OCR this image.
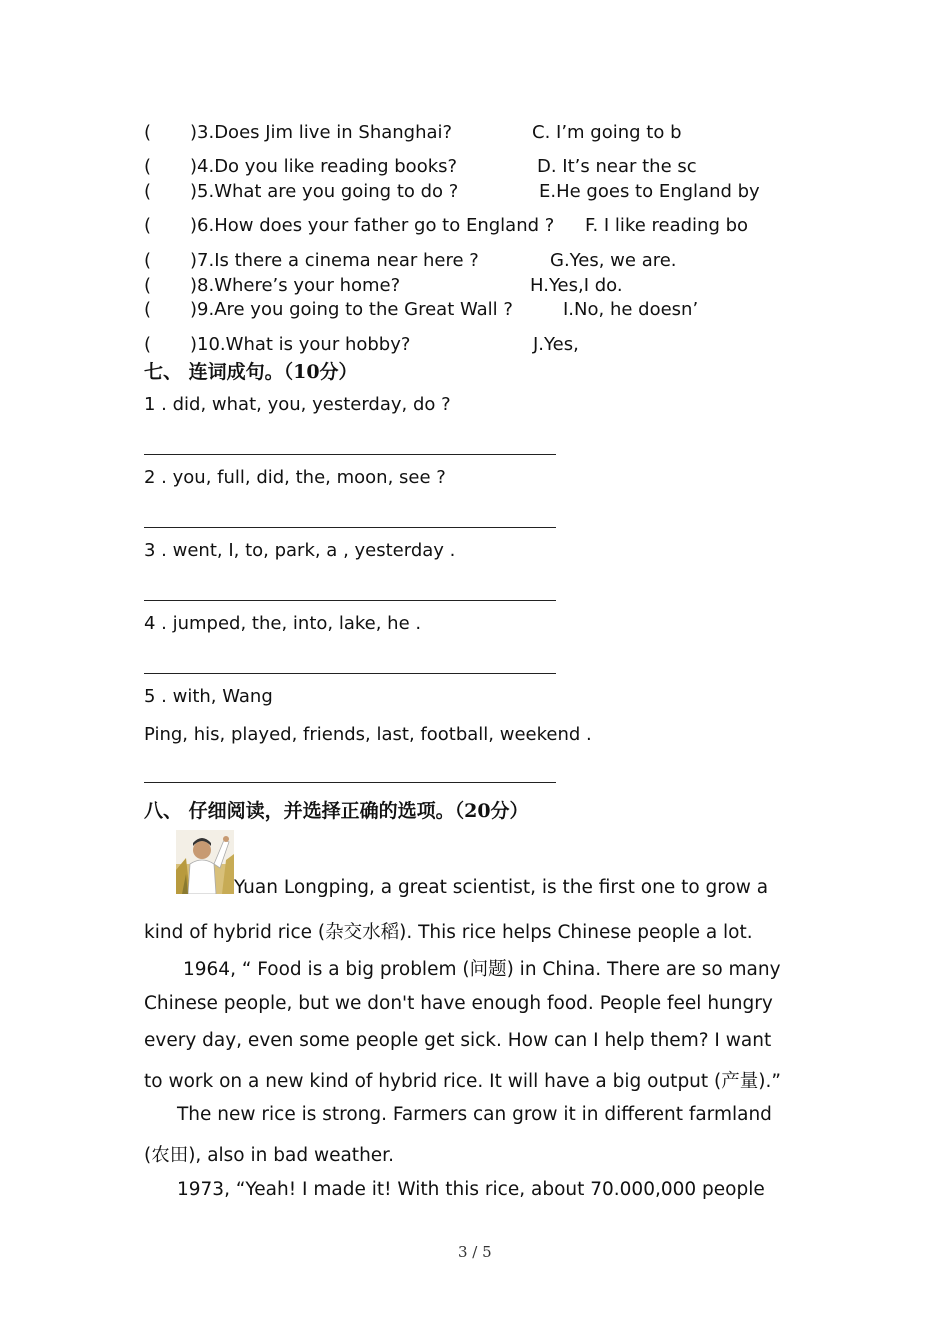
( )3.Does Jim live in Shanghai?	C. I’m going to b
( )4.Do you like reading books?	D. It’s near the sc
( )5.What are you going to do ?	E.He goes to England by
( )6.How does your father go to England ? F. I like reading bo
( )7.Is there a cinema near here ?	G.Yes, we are.
( )8.Where’s your home?	H.Yes,I do.
( )9.Are you going to the Great Wall ?	I.No, he doesn’
( )10.What is your hobby?	J.Yes,
七、 连词成句。（10分）
1 . did, what, you, yesterday, do ?
2 . you, full, did, the, moon, see ?
3 . went, I, to, park, a , yesterday .
4 . jumped, the, into, lake, he .
5 . with, Wang
Ping, his, played, friends, last, football, weekend .
八、 仔细阅读，并选择正确的选项。（20分）
Yuan Longping, a great scientist, is the first one to grow a
kind of hybrid rice (杂交水稻). This rice helps Chinese people a lot.
1964, “ Food is a big problem (问题) in China. There are so many
Chinese people, but we don't have enough food. People feel hungry
every day, even some people get sick. How can I help them? I want
to work on a new kind of hybrid rice. It will have a big output (产量).”
The new rice is strong. Farmers can grow it in different farmland
(农田), also in bad weather.
1973, “Yeah! I made it! With this rice, about 70.000,000 people
3 / 5
